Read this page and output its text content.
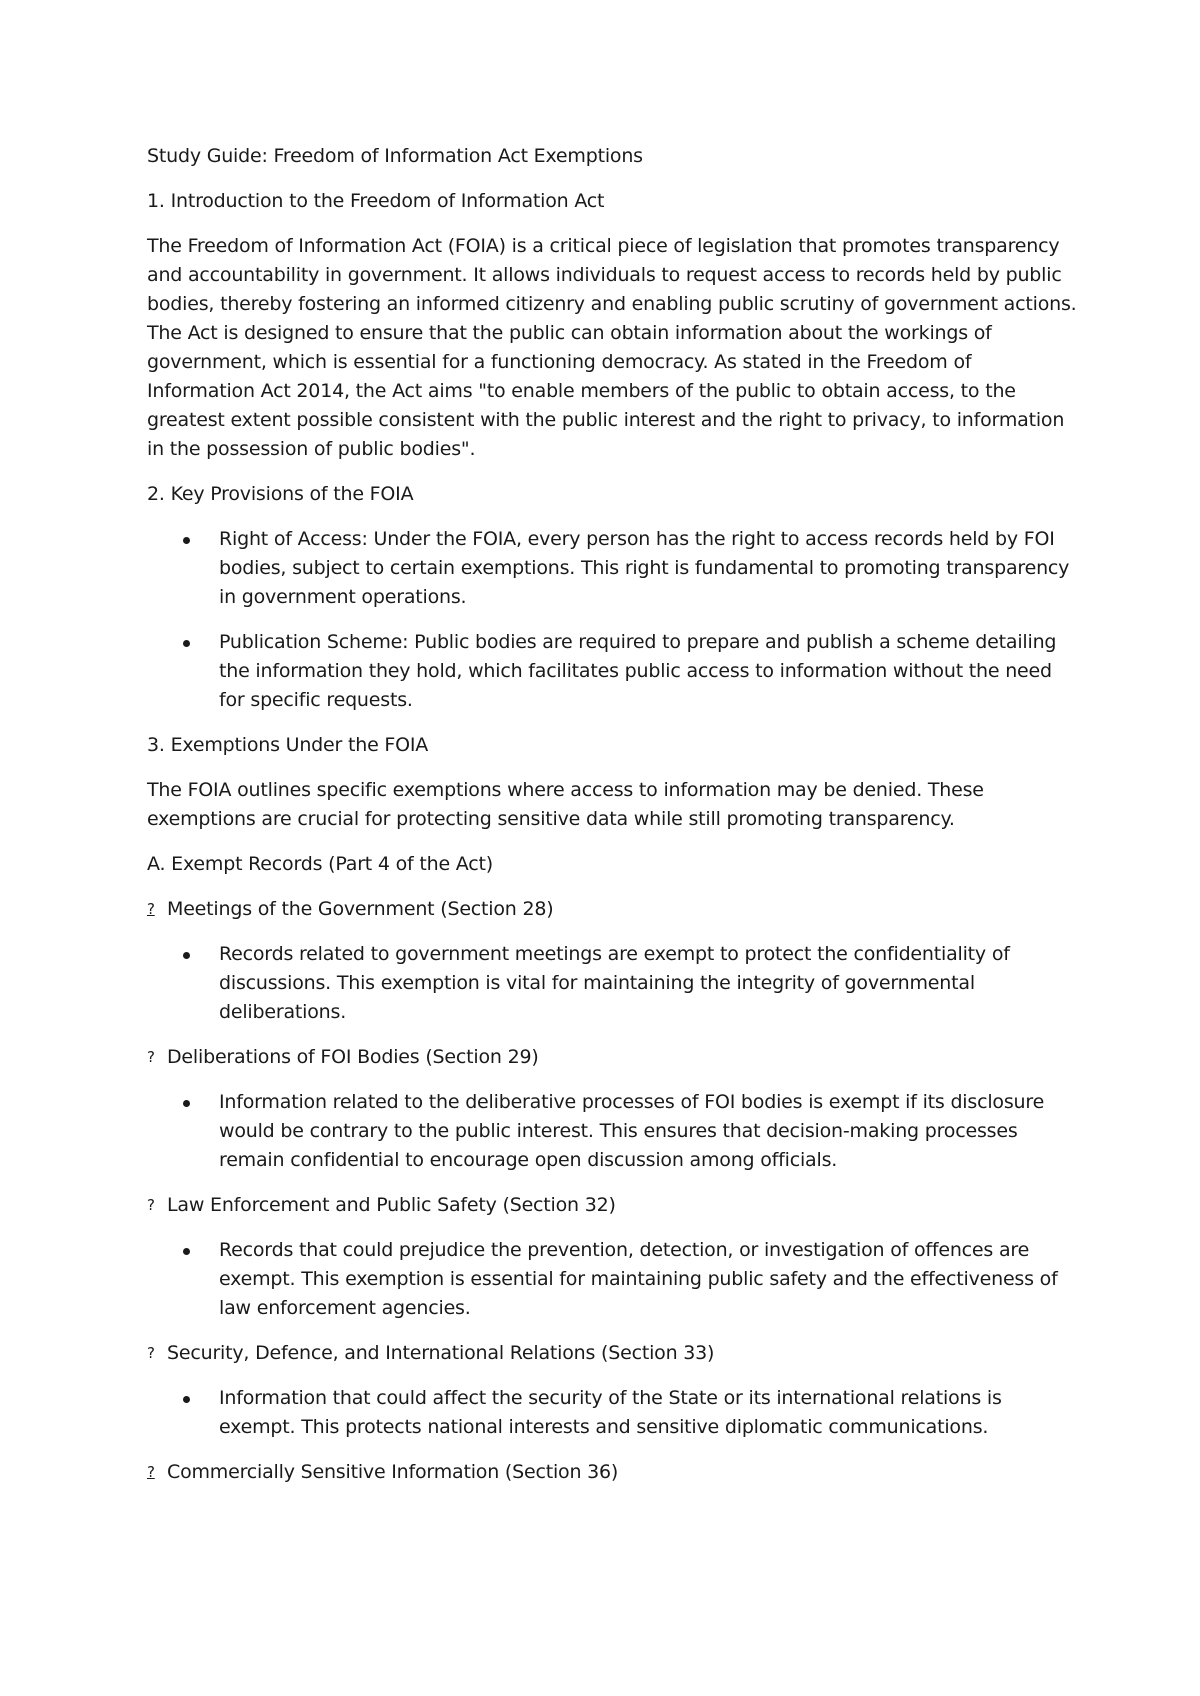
Study Guide: Freedom of Information Act Exemptions

1. Introduction to the Freedom of Information Act

The Freedom of Information Act (FOIA) is a critical piece of legislation that promotes transparency and accountability in government. It allows individuals to request access to records held by public bodies, thereby fostering an informed citizenry and enabling public scrutiny of government actions. The Act is designed to ensure that the public can obtain information about the workings of government, which is essential for a functioning democracy. As stated in the Freedom of Information Act 2014, the Act aims "to enable members of the public to obtain access, to the greatest extent possible consistent with the public interest and the right to privacy, to information in the possession of public bodies".

2. Key Provisions of the FOIA

Right of Access: Under the FOIA, every person has the right to access records held by FOI bodies, subject to certain exemptions. This right is fundamental to promoting transparency in government operations.
Publication Scheme: Public bodies are required to prepare and publish a scheme detailing the information they hold, which facilitates public access to information without the need for specific requests.

3. Exemptions Under the FOIA

The FOIA outlines specific exemptions where access to information may be denied. These exemptions are crucial for protecting sensitive data while still promoting transparency.

A. Exempt Records (Part 4 of the Act)

? Meetings of the Government (Section 28)
Records related to government meetings are exempt to protect the confidentiality of discussions. This exemption is vital for maintaining the integrity of governmental deliberations.
? Deliberations of FOI Bodies (Section 29)
Information related to the deliberative processes of FOI bodies is exempt if its disclosure would be contrary to the public interest. This ensures that decision-making processes remain confidential to encourage open discussion among officials.
? Law Enforcement and Public Safety (Section 32)
Records that could prejudice the prevention, detection, or investigation of offences are exempt. This exemption is essential for maintaining public safety and the effectiveness of law enforcement agencies.
? Security, Defence, and International Relations (Section 33)
Information that could affect the security of the State or its international relations is exempt. This protects national interests and sensitive diplomatic communications.
? Commercially Sensitive Information (Section 36)
